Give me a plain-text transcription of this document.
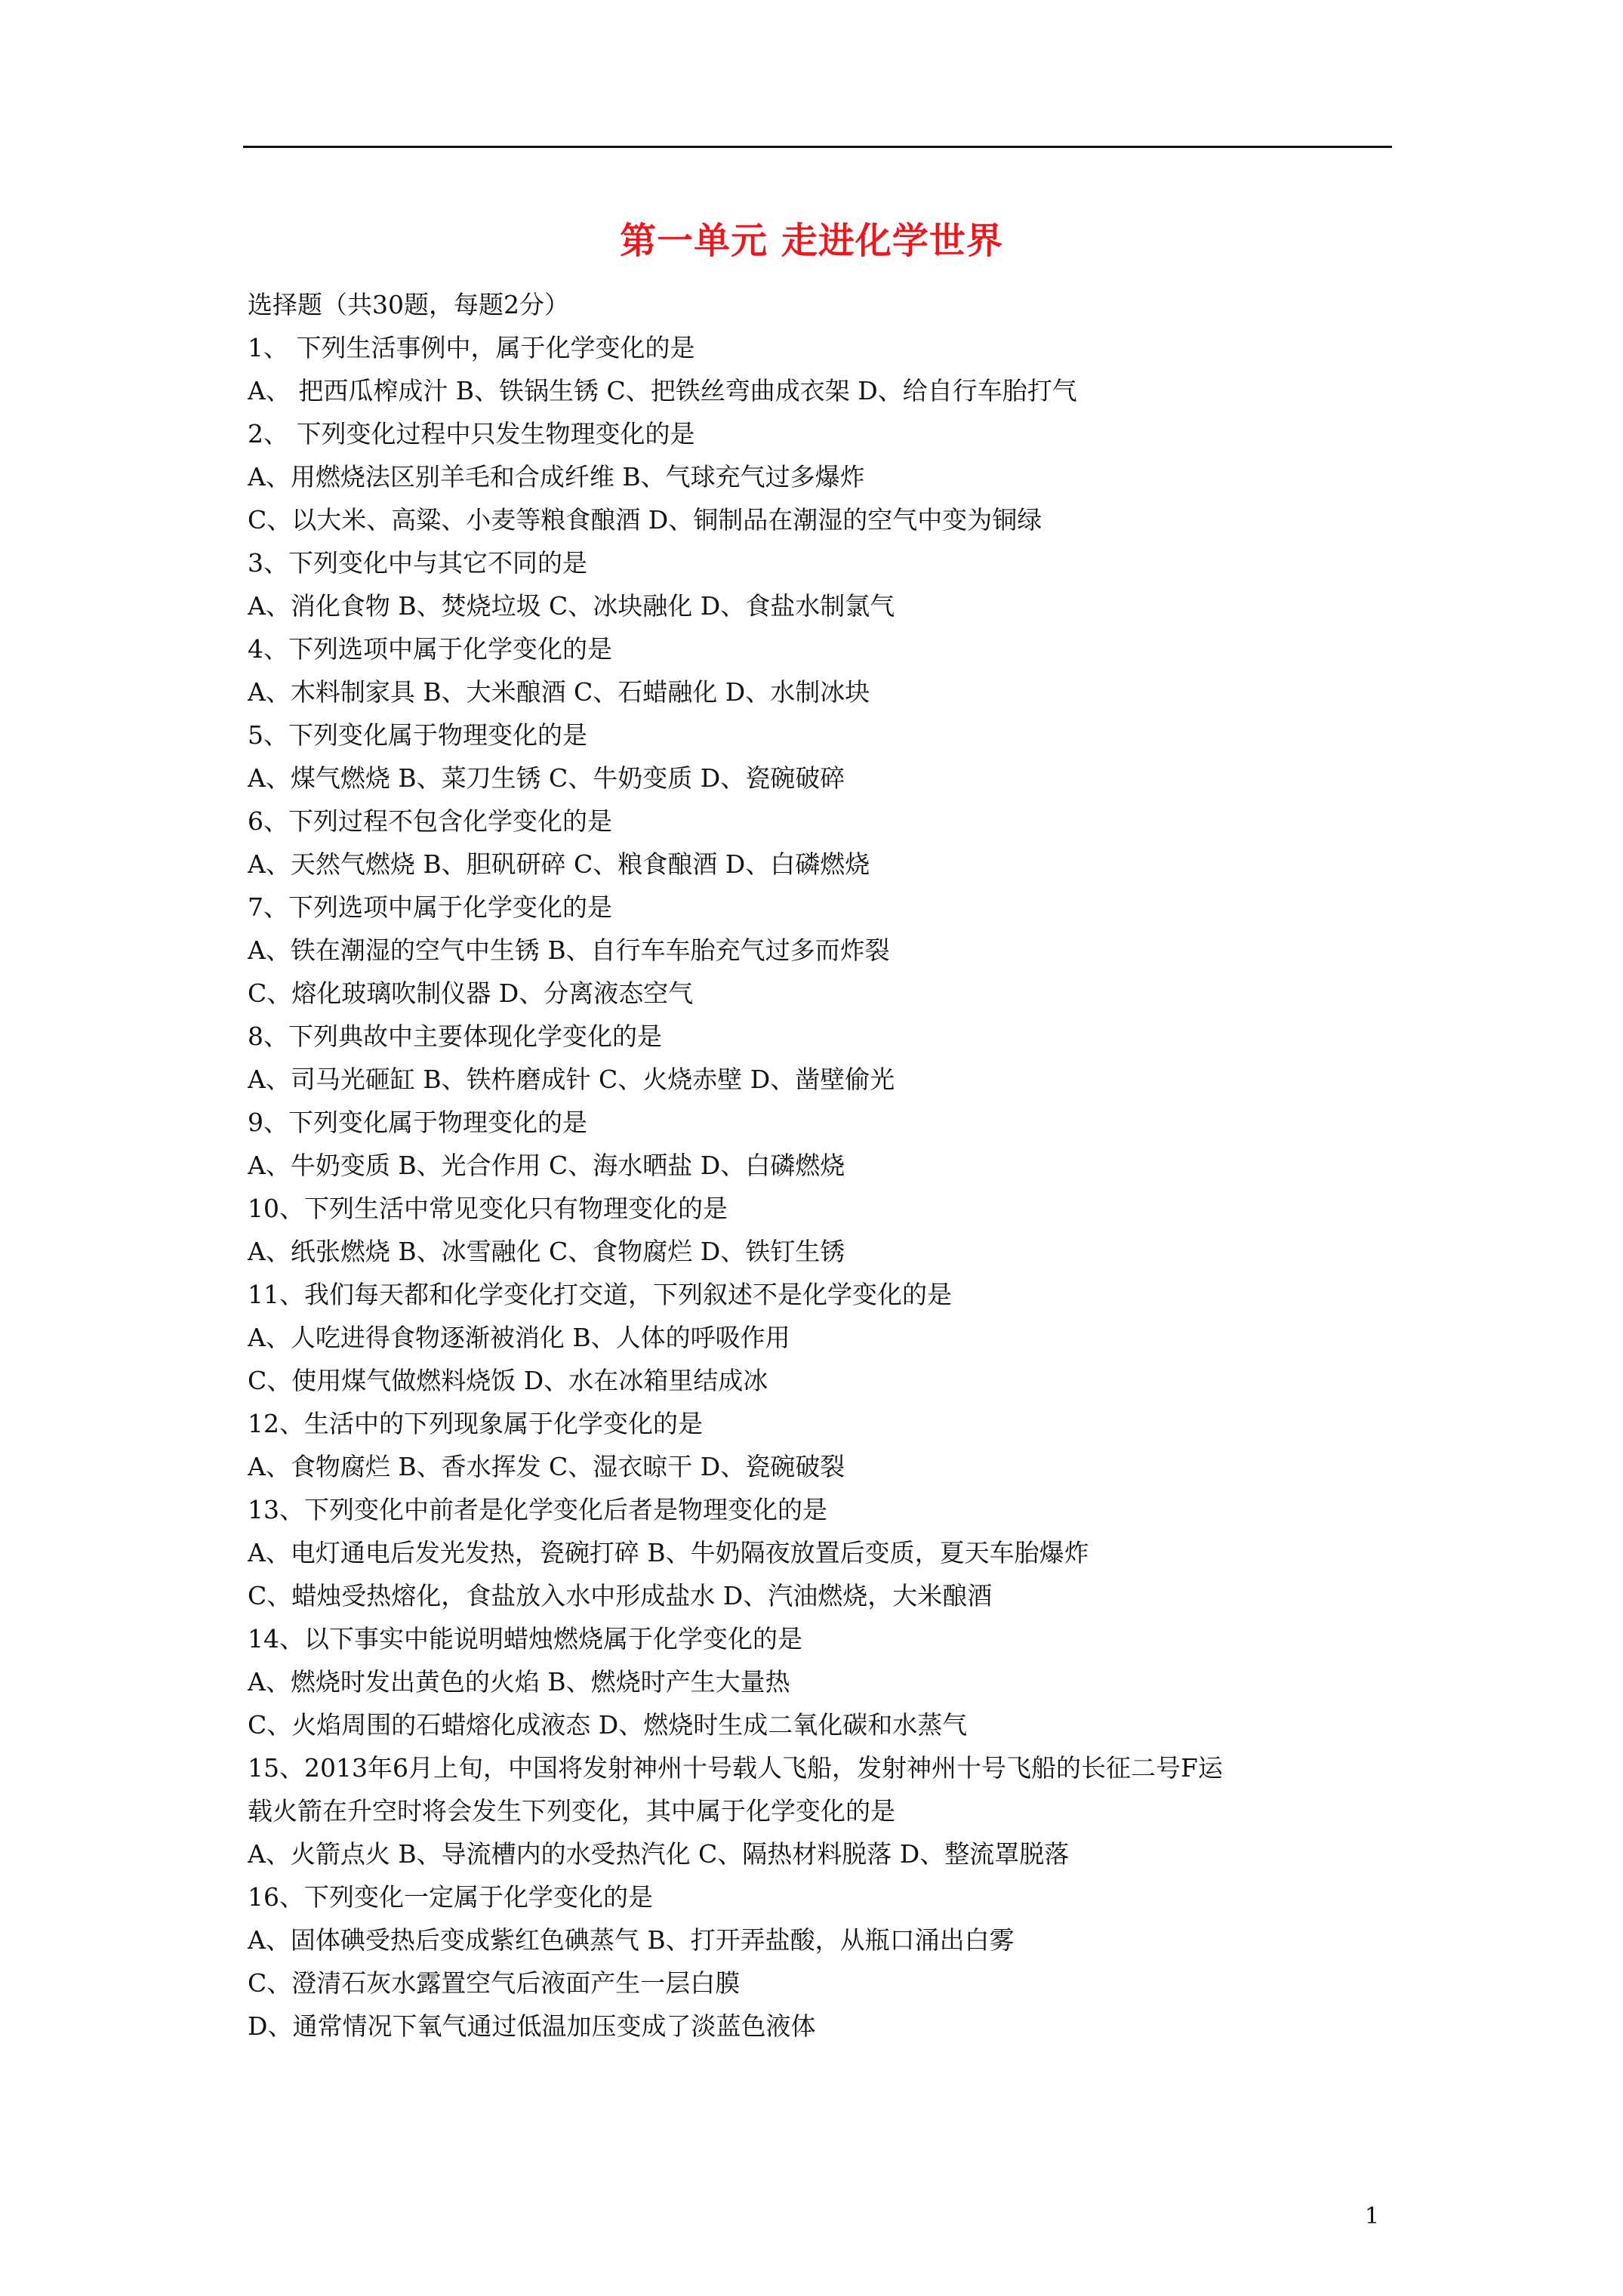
第一单元 走进化学世界
选择题（共30题，每题2分）
1、 下列生活事例中，属于化学变化的是
A、 把西瓜榨成汁 B、铁锅生锈 C、把铁丝弯曲成衣架 D、给自行车胎打气
2、 下列变化过程中只发生物理变化的是
A、用燃烧法区别羊毛和合成纤维 B、气球充气过多爆炸
C、以大米、高粱、小麦等粮食酿酒 D、铜制品在潮湿的空气中变为铜绿
3、下列变化中与其它不同的是
A、消化食物 B、焚烧垃圾 C、冰块融化 D、食盐水制氯气
4、下列选项中属于化学变化的是
A、木料制家具 B、大米酿酒 C、石蜡融化 D、水制冰块
5、下列变化属于物理变化的是
A、煤气燃烧 B、菜刀生锈 C、牛奶变质 D、瓷碗破碎
6、下列过程不包含化学变化的是
A、天然气燃烧 B、胆矾研碎 C、粮食酿酒 D、白磷燃烧
7、下列选项中属于化学变化的是
A、铁在潮湿的空气中生锈 B、自行车车胎充气过多而炸裂
C、熔化玻璃吹制仪器 D、分离液态空气
8、下列典故中主要体现化学变化的是
A、司马光砸缸 B、铁杵磨成针 C、火烧赤壁 D、凿壁偷光
9、下列变化属于物理变化的是
A、牛奶变质 B、光合作用 C、海水晒盐 D、白磷燃烧
10、下列生活中常见变化只有物理变化的是
A、纸张燃烧 B、冰雪融化 C、食物腐烂 D、铁钉生锈
11、我们每天都和化学变化打交道，下列叙述不是化学变化的是
A、人吃进得食物逐渐被消化 B、人体的呼吸作用
C、使用煤气做燃料烧饭 D、水在冰箱里结成冰
12、生活中的下列现象属于化学变化的是
A、食物腐烂 B、香水挥发 C、湿衣晾干 D、瓷碗破裂
13、下列变化中前者是化学变化后者是物理变化的是
A、电灯通电后发光发热，瓷碗打碎 B、牛奶隔夜放置后变质，夏天车胎爆炸
C、蜡烛受热熔化，食盐放入水中形成盐水 D、汽油燃烧，大米酿酒
14、以下事实中能说明蜡烛燃烧属于化学变化的是
A、燃烧时发出黄色的火焰 B、燃烧时产生大量热
C、火焰周围的石蜡熔化成液态 D、燃烧时生成二氧化碳和水蒸气
15、2013年6月上旬，中国将发射神州十号载人飞船，发射神州十号飞船的长征二号F运
载火箭在升空时将会发生下列变化，其中属于化学变化的是
A、火箭点火 B、导流槽内的水受热汽化 C、隔热材料脱落 D、整流罩脱落
16、下列变化一定属于化学变化的是
A、固体碘受热后变成紫红色碘蒸气 B、打开弄盐酸，从瓶口涌出白雾
C、澄清石灰水露置空气后液面产生一层白膜
D、通常情况下氧气通过低温加压变成了淡蓝色液体
1
